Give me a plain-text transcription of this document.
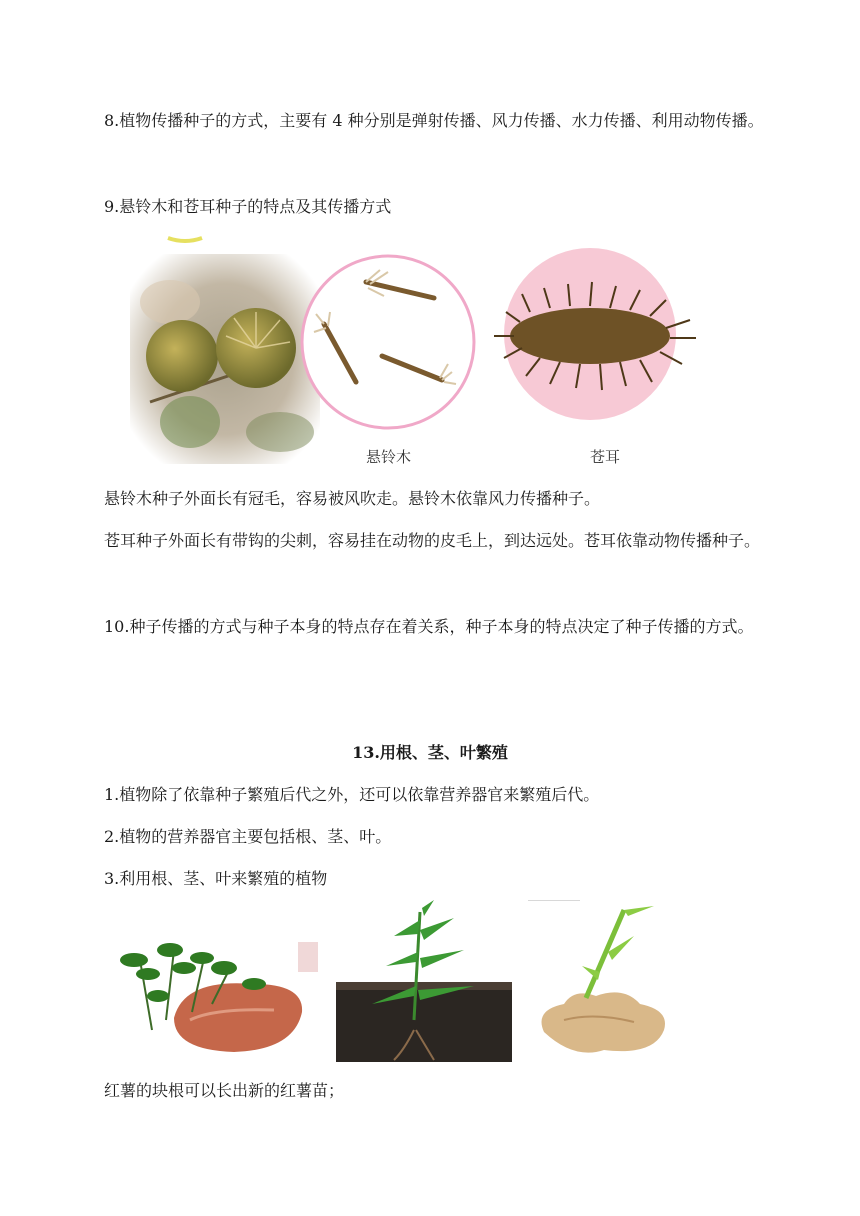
8.植物传播种子的方式，主要有 4 种分别是弹射传播、风力传播、水力传播、利用动物传播。

9.悬铃木和苍耳种子的特点及其传播方式

悬铃木	苍耳

悬铃木种子外面长有冠毛，容易被风吹走。悬铃木依靠风力传播种子。

苍耳种子外面长有带钩的尖刺，容易挂在动物的皮毛上，到达远处。苍耳依靠动物传播种子。

10.种子传播的方式与种子本身的特点存在着关系，种子本身的特点决定了种子传播的方式。

13.用根、茎、叶繁殖

1.植物除了依靠种子繁殖后代之外，还可以依靠营养器官来繁殖后代。

2.植物的营养器官主要包括根、茎、叶。

3.利用根、茎、叶来繁殖的植物

红薯的块根可以长出新的红薯苗；
